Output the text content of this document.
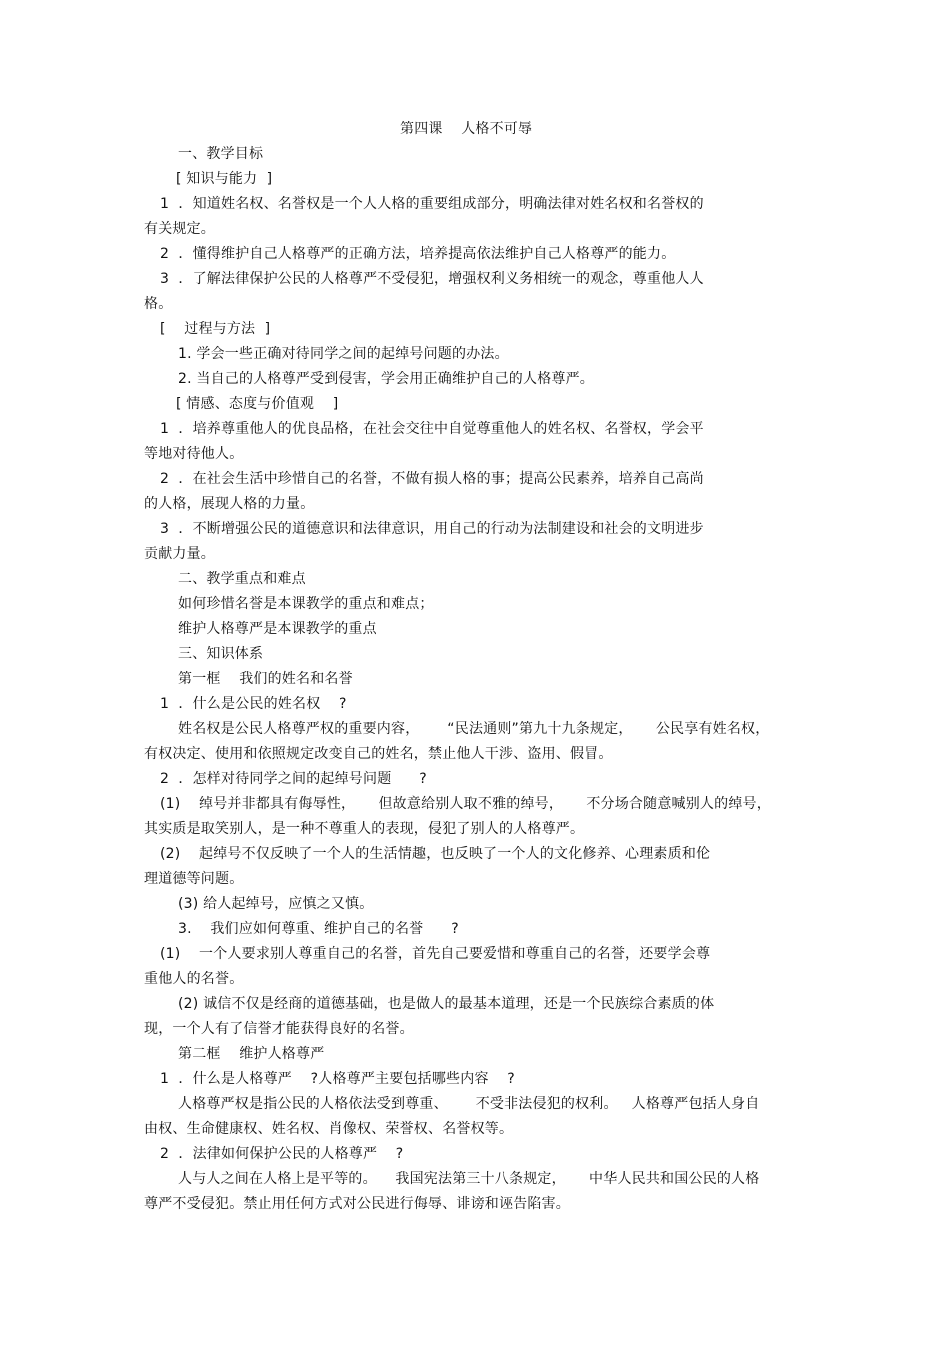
第四课    人格不可辱
一、教学目标
[ 知识与能力  ]
1  ．知道姓名权、名誉权是一个人人格的重要组成部分，明确法律对姓名权和名誉权的
有关规定。
2  ．懂得维护自己人格尊严的正确方法，培养提高依法维护自己人格尊严的能力。
3  ．了解法律保护公民的人格尊严不受侵犯，增强权利义务相统一的观念，尊重他人人
格。
[    过程与方法  ]
1. 学会一些正确对待同学之间的起绰号问题的办法。
2. 当自己的人格尊严受到侵害，学会用正确维护自己的人格尊严。
[ 情感、态度与价值观    ]
1  ．培养尊重他人的优良品格，在社会交往中自觉尊重他人的姓名权、名誉权，学会平
等地对待他人。
2  ．在社会生活中珍惜自己的名誉，不做有损人格的事；提高公民素养，培养自己高尚
的人格，展现人格的力量。
3  ．不断增强公民的道德意识和法律意识，用自己的行动为法制建设和社会的文明进步
贡献力量。
二、教学重点和难点
如何珍惜名誉是本课教学的重点和难点；
维护人格尊严是本课教学的重点
三、知识体系
第一框    我们的姓名和名誉
1  ．什么是公民的姓名权    ?
姓名权是公民人格尊严权的重要内容，      “民法通则”第九十九条规定，     公民享有姓名权，
有权决定、使用和依照规定改变自己的姓名，禁止他人干涉、盗用、假冒。
2  ．怎样对待同学之间的起绰号问题      ?
(1)    绰号并非都具有侮辱性，     但故意给别人取不雅的绰号，     不分场合随意喊别人的绰号，
其实质是取笑别人，是一种不尊重人的表现，侵犯了别人的人格尊严。
(2)    起绰号不仅反映了一个人的生活情趣，也反映了一个人的文化修养、心理素质和伦
理道德等问题。
(3) 给人起绰号，应慎之又慎。
3.    我们应如何尊重、维护自己的名誉      ?
(1)    一个人要求别人尊重自己的名誉，首先自己要爱惜和尊重自己的名誉，还要学会尊
重他人的名誉。
(2) 诚信不仅是经商的道德基础，也是做人的最基本道理，还是一个民族综合素质的体
现，一个人有了信誉才能获得良好的名誉。
第二框    维护人格尊严
1  ．什么是人格尊严    ?人格尊严主要包括哪些内容    ?
人格尊严权是指公民的人格依法受到尊重、      不受非法侵犯的权利。   人格尊严包括人身自
由权、生命健康权、姓名权、肖像权、荣誉权、名誉权等。
2  ．法律如何保护公民的人格尊严    ?
人与人之间在人格上是平等的。    我国宪法第三十八条规定，     中华人民共和国公民的人格
尊严不受侵犯。禁止用任何方式对公民进行侮辱、诽谤和诬告陷害。
